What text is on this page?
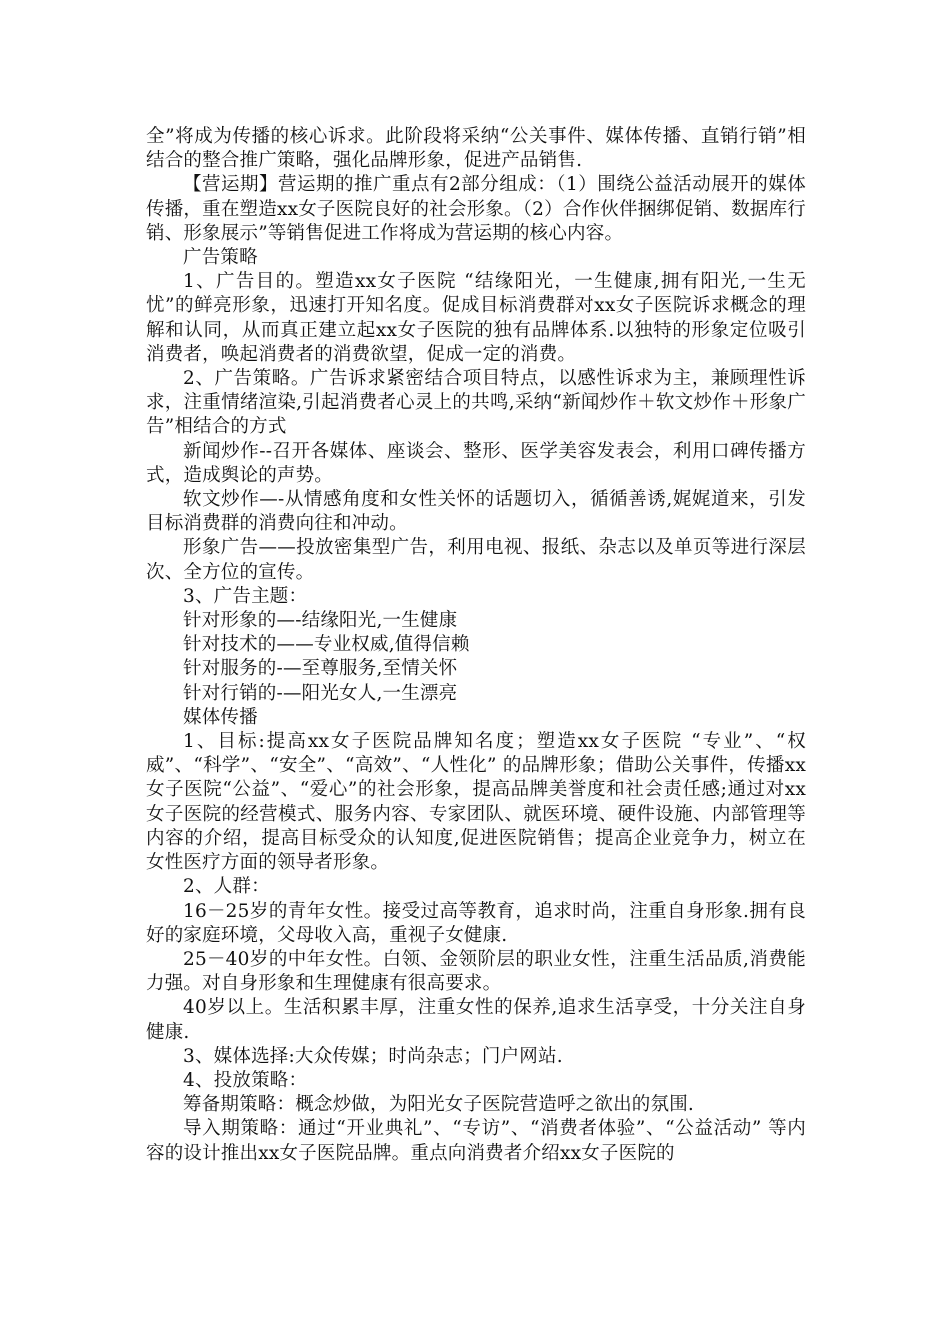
全”将成为传播的核心诉求。此阶段将采纳“公关事件、媒体传播、直销行销”相结合的整合推广策略，强化品牌形象，促进产品销售.

【营运期】营运期的推广重点有2部分组成：（1）围绕公益活动展开的媒体传播，重在塑造xx女子医院良好的社会形象。（2）合作伙伴捆绑促销、数据库行销、形象展示”等销售促进工作将成为营运期的核心内容。

广告策略

1、广告目的。塑造xx女子医院 “结缘阳光，一生健康,拥有阳光,一生无忧”的鲜亮形象，迅速打开知名度。促成目标消费群对xx女子医院诉求概念的理解和认同，从而真正建立起xx女子医院的独有品牌体系.以独特的形象定位吸引消费者，唤起消费者的消费欲望，促成一定的消费。

2、广告策略。广告诉求紧密结合项目特点，以感性诉求为主，兼顾理性诉求，注重情绪渲染,引起消费者心灵上的共鸣,采纳“新闻炒作＋软文炒作＋形象广告”相结合的方式

新闻炒作--召开各媒体、座谈会、整形、医学美容发表会，利用口碑传播方式，造成舆论的声势。

软文炒作—-从情感角度和女性关怀的话题切入，循循善诱,娓娓道来，引发目标消费群的消费向往和冲动。

形象广告——投放密集型广告，利用电视、报纸、杂志以及单页等进行深层次、全方位的宣传。

3、广告主题：

针对形象的—-结缘阳光,一生健康

针对技术的——专业权威,值得信赖

针对服务的-—至尊服务,至情关怀

针对行销的-—阳光女人,一生漂亮

媒体传播

1、目标:提高xx女子医院品牌知名度；塑造xx女子医院 “专业”、“权威”、“科学”、“安全”、“高效”、“人性化” 的品牌形象；借助公关事件，传播xx女子医院“公益”、“爱心”的社会形象，提高品牌美誉度和社会责任感;通过对xx女子医院的经营模式、服务内容、专家团队、就医环境、硬件设施、内部管理等内容的介绍，提高目标受众的认知度,促进医院销售；提高企业竞争力，树立在女性医疗方面的领导者形象。

2、人群：

16－25岁的青年女性。接受过高等教育，追求时尚，注重自身形象.拥有良好的家庭环境，父母收入高，重视子女健康.

25－40岁的中年女性。白领、金领阶层的职业女性，注重生活品质,消费能力强。对自身形象和生理健康有很高要求。

40岁以上。生活积累丰厚，注重女性的保养,追求生活享受，十分关注自身健康.

3、媒体选择:大众传媒；时尚杂志；门户网站.

4、投放策略：

筹备期策略：概念炒做，为阳光女子医院营造呼之欲出的氛围.

导入期策略：通过“开业典礼”、“专访”、“消费者体验”、“公益活动” 等内容的设计推出xx女子医院品牌。重点向消费者介绍xx女子医院的
